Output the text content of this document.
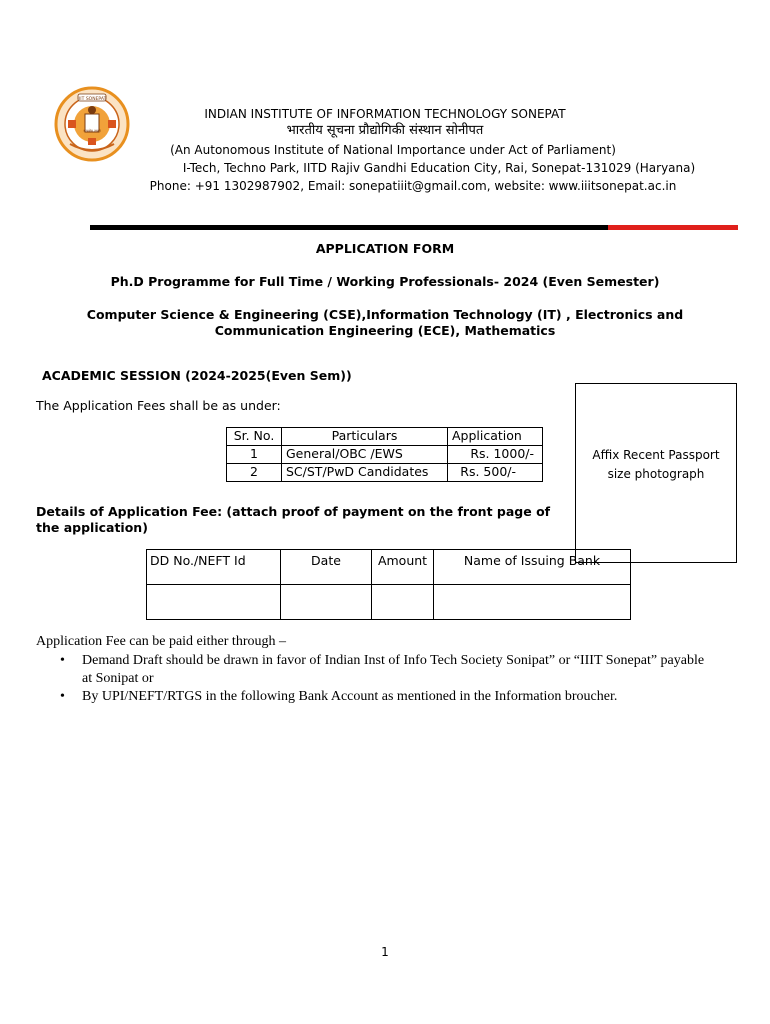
IIIT SONEPAT
सत्यमेव जयते
INDIAN INSTITUTE OF INFORMATION TECHNOLOGY SONEPAT
भारतीय सूचना प्रौद्योगिकी संस्थान सोनीपत
(An Autonomous Institute of National Importance under Act of Parliament)
I-Tech, Techno Park, IITD Rajiv Gandhi Education City, Rai, Sonepat-131029 (Haryana)
Phone: +91 1302987902, Email: sonepatiiit@gmail.com, website: www.iiitsonepat.ac.in
APPLICATION FORM
Ph.D Programme for Full Time / Working Professionals- 2024 (Even Semester)
Computer Science & Engineering (CSE),Information Technology (IT) , Electronics and
Communication Engineering (ECE), Mathematics
ACADEMIC SESSION (2024-2025(Even Sem))
The Application Fees shall be as under:
Affix Recent Passport
size photograph
Sr. No.	Particulars	Application
1	General/OBC /EWS	Rs. 1000/-
2	SC/ST/PwD Candidates	Rs. 500/-
Details of Application Fee: (attach proof of payment on the front page of
the application)
DD No./NEFT Id	Date	Amount	Name of Issuing Bank

Application Fee can be paid either through –
• Demand Draft should be drawn in favor of Indian Inst of Info Tech Society Sonipat” or “IIIT Sonepat” payable
at Sonipat or
• By UPI/NEFT/RTGS in the following Bank Account as mentioned in the Information broucher.
1
